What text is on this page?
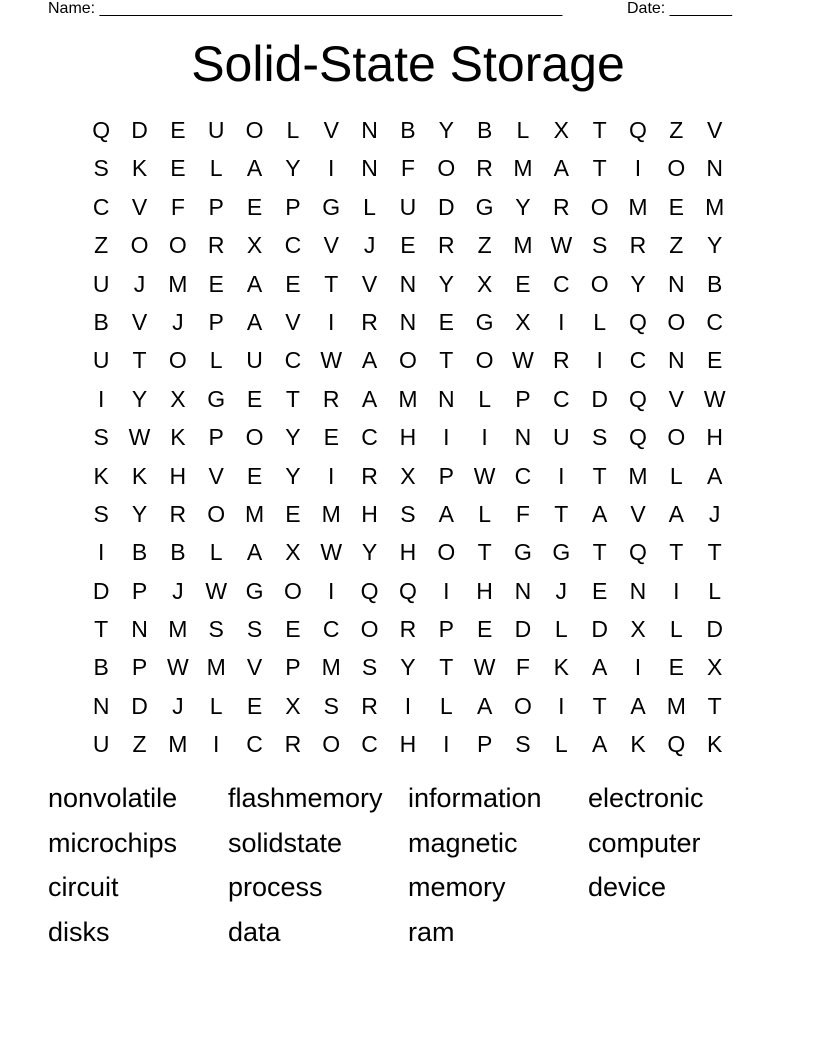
Name: ____________________________________________________	Date: _______
Solid-State Storage
Q D E U O	L	V N B	Y	B	L	X	T Q Z	V
S	K	E	L	A	Y	I	N	F O R M A	T	I	O N
C V	F	P	E	P G	L	U D G Y R O M E M
Z O O R X C V	J	E R	Z M W S R	Z	Y
U	J	M E	A	E	T	V N Y	X	E C O Y N B
B	V	J	P	A	V	I	R N E G X	I	L	Q O C
U	T O	L	U C W A O T O W R	I	C N E
I	Y	X G E	T	R A M N	L	P C D Q V W
S W K	P O Y	E C H	I	I	N U S Q O H
K	K H V	E	Y	I	R X	P W C	I	T M L	A
S	Y R O M E M H S	A	L	F	T	A	V	A	J
I	B	B	L	A	X W Y H O T G G T Q T	T
D P	J W G O	I	Q Q	I	H N	J	E N	I	L
T	N M S	S	E C O R P	E D	L	D X	L	D
B	P W M V	P M S	Y	T W F	K	A	I	E	X
N D	J	L	E	X	S R	I	L	A O	I	T	A M T
U	Z M	I	C R O C H	I	P	S	L	A	K Q K
nonvolatile	flashmemory information	electronic
microchips	solidstate	magnetic	computer
circuit	process	memory	device
disks	data	ram
